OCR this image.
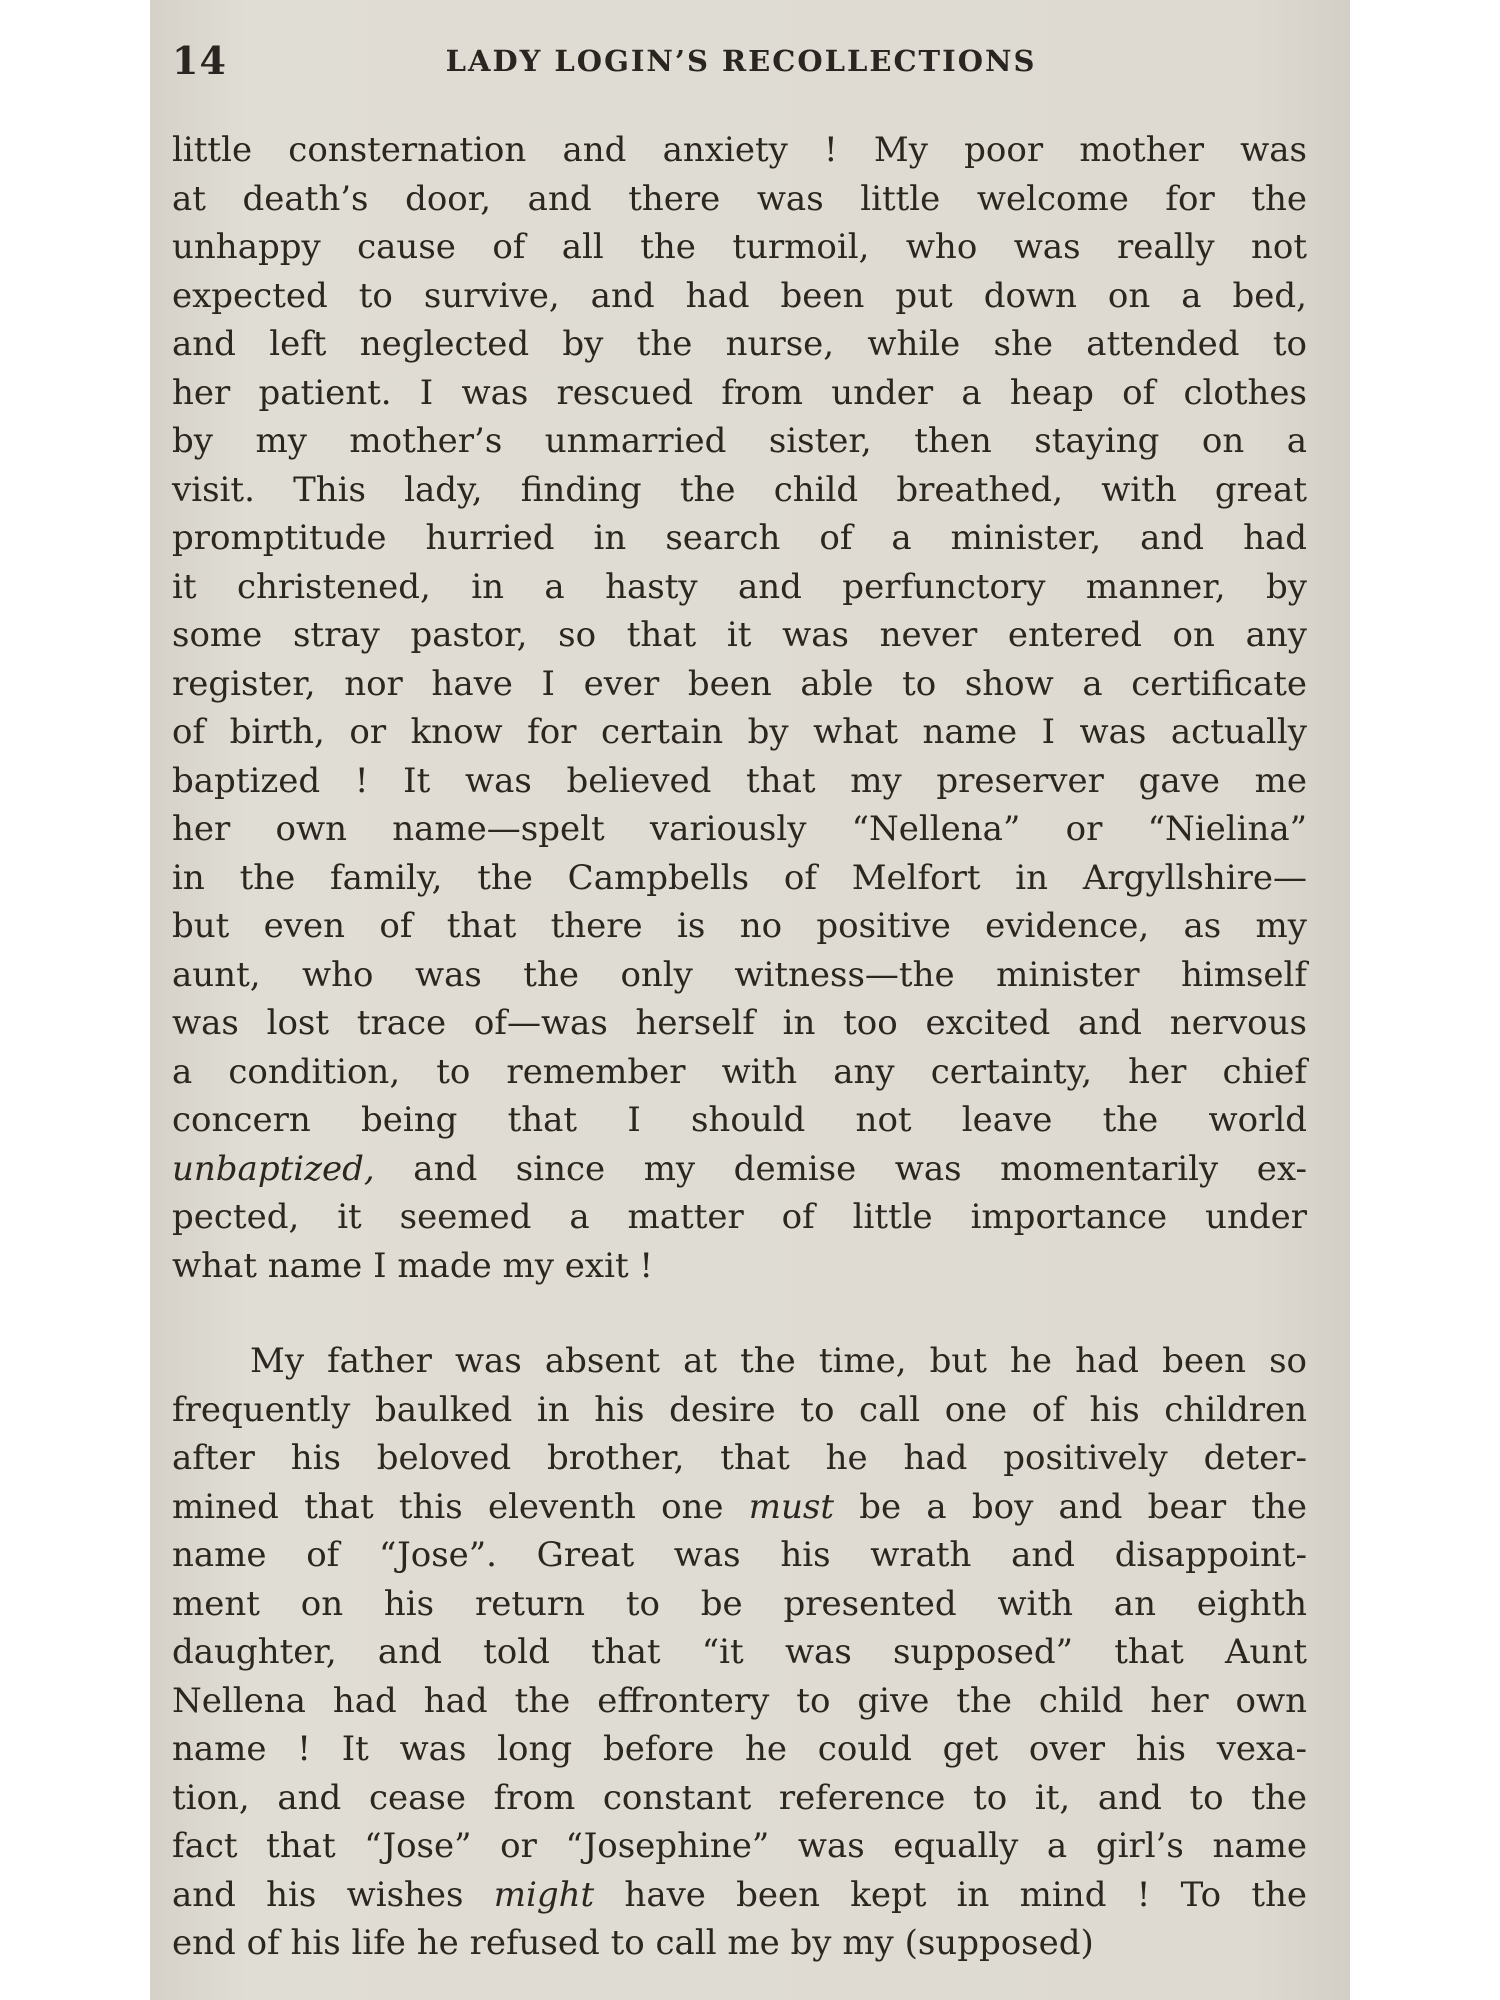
14	LADY LOGIN’S RECOLLECTIONS
little consternation and anxiety ! My poor mother was
at death’s door, and there was little welcome for the
unhappy cause of all the turmoil, who was really not
expected to survive, and had been put down on a bed,
and left neglected by the nurse, while she attended to
her patient. I was rescued from under a heap of clothes
by my mother’s unmarried sister, then staying on a
visit. This lady, finding the child breathed, with great
promptitude hurried in search of a minister, and had
it christened, in a hasty and perfunctory manner, by
some stray pastor, so that it was never entered on any
register, nor have I ever been able to show a certificate
of birth, or know for certain by what name I was actually
baptized ! It was believed that my preserver gave me
her own name—spelt variously “Nellena” or “Nielina”
in the family, the Campbells of Melfort in Argyllshire—
but even of that there is no positive evidence, as my
aunt, who was the only witness—the minister himself
was lost trace of—was herself in too excited and nervous
a condition, to remember with any certainty, her chief
concern being that I should not leave the world
unbaptized, and since my demise was momentarily ex-
pected, it seemed a matter of little importance under
what name I made my exit !
My father was absent at the time, but he had been so
frequently baulked in his desire to call one of his children
after his beloved brother, that he had positively deter-
mined that this eleventh one must be a boy and bear the
name of “Jose”. Great was his wrath and disappoint-
ment on his return to be presented with an eighth
daughter, and told that “it was supposed” that Aunt
Nellena had had the effrontery to give the child her own
name ! It was long before he could get over his vexa-
tion, and cease from constant reference to it, and to the
fact that “Jose” or “Josephine” was equally a girl’s name
and his wishes might have been kept in mind ! To the
end of his life he refused to call me by my (supposed)
